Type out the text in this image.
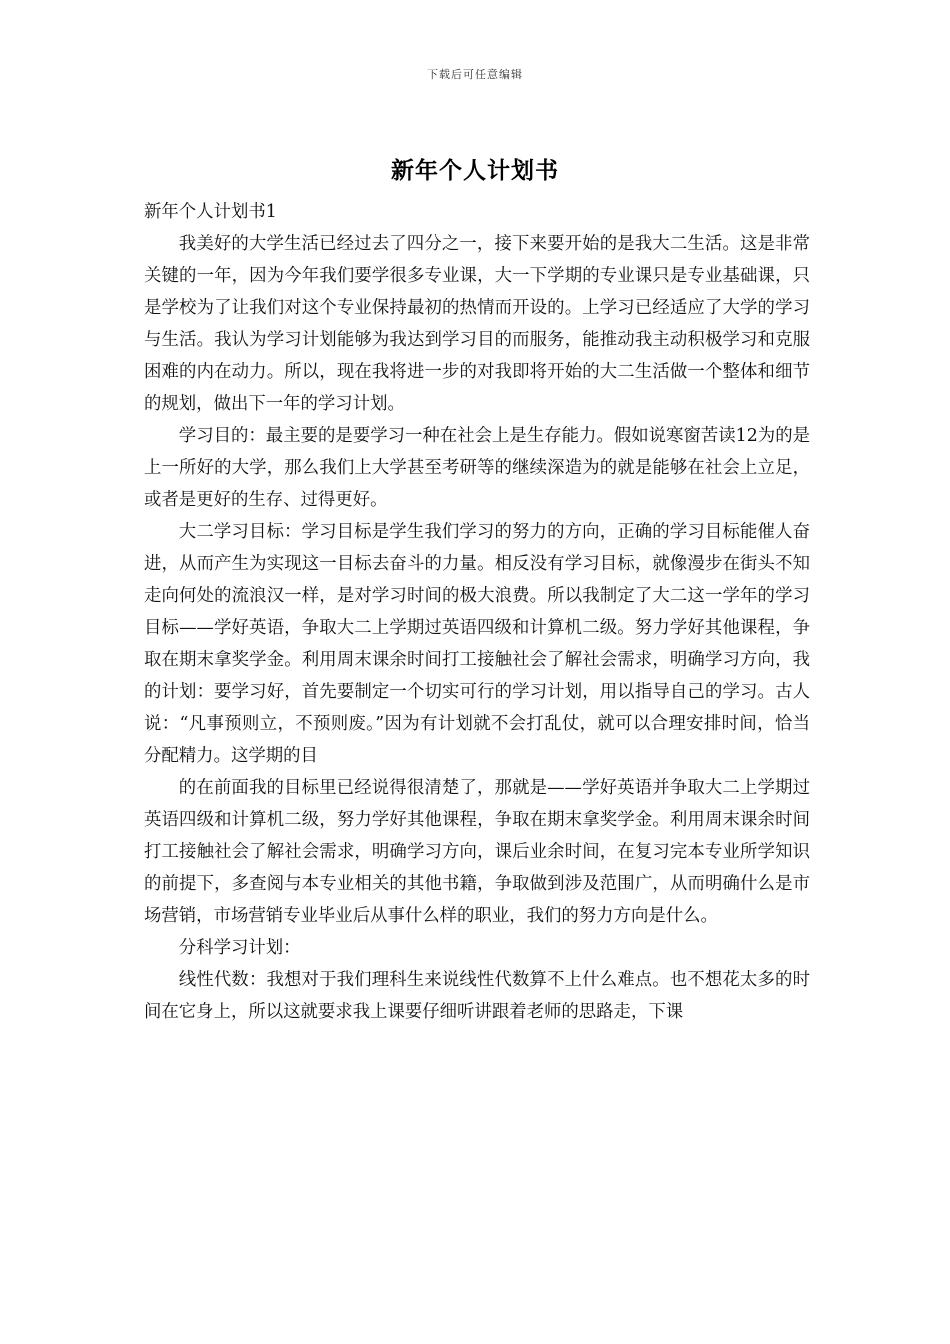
下载后可任意编辑
新年个人计划书

新年个人计划书1

我美好的大学生活已经过去了四分之一，接下来要开始的是我大二生活。这是非常关键的一年，因为今年我们要学很多专业课，大一下学期的专业课只是专业基础课，只是学校为了让我们对这个专业保持最初的热情而开设的。上学习已经适应了大学的学习与生活。我认为学习计划能够为我达到学习目的而服务，能推动我主动积极学习和克服困难的内在动力。所以，现在我将进一步的对我即将开始的大二生活做一个整体和细节的规划，做出下一年的学习计划。

学习目的：最主要的是要学习一种在社会上是生存能力。假如说寒窗苦读12为的是上一所好的大学，那么我们上大学甚至考研等的继续深造为的就是能够在社会上立足，或者是更好的生存、过得更好。

大二学习目标：学习目标是学生我们学习的努力的方向，正确的学习目标能催人奋进，从而产生为实现这一目标去奋斗的力量。相反没有学习目标，就像漫步在街头不知走向何处的流浪汉一样，是对学习时间的极大浪费。所以我制定了大二这一学年的学习目标——学好英语，争取大二上学期过英语四级和计算机二级。努力学好其他课程，争取在期末拿奖学金。利用周末课余时间打工接触社会了解社会需求，明确学习方向，我的计划：要学习好，首先要制定一个切实可行的学习计划，用以指导自己的学习。古人说：“凡事预则立，不预则废。”因为有计划就不会打乱仗，就可以合理安排时间，恰当分配精力。这学期的目

的在前面我的目标里已经说得很清楚了，那就是——学好英语并争取大二上学期过英语四级和计算机二级，努力学好其他课程，争取在期末拿奖学金。利用周末课余时间打工接触社会了解社会需求，明确学习方向，课后业余时间，在复习完本专业所学知识的前提下，多查阅与本专业相关的其他书籍，争取做到涉及范围广，从而明确什么是市场营销，市场营销专业毕业后从事什么样的职业，我们的努力方向是什么。

分科学习计划：

线性代数：我想对于我们理科生来说线性代数算不上什么难点。也不想花太多的时间在它身上，所以这就要求我上课要仔细听讲跟着老师的思路走，下课
